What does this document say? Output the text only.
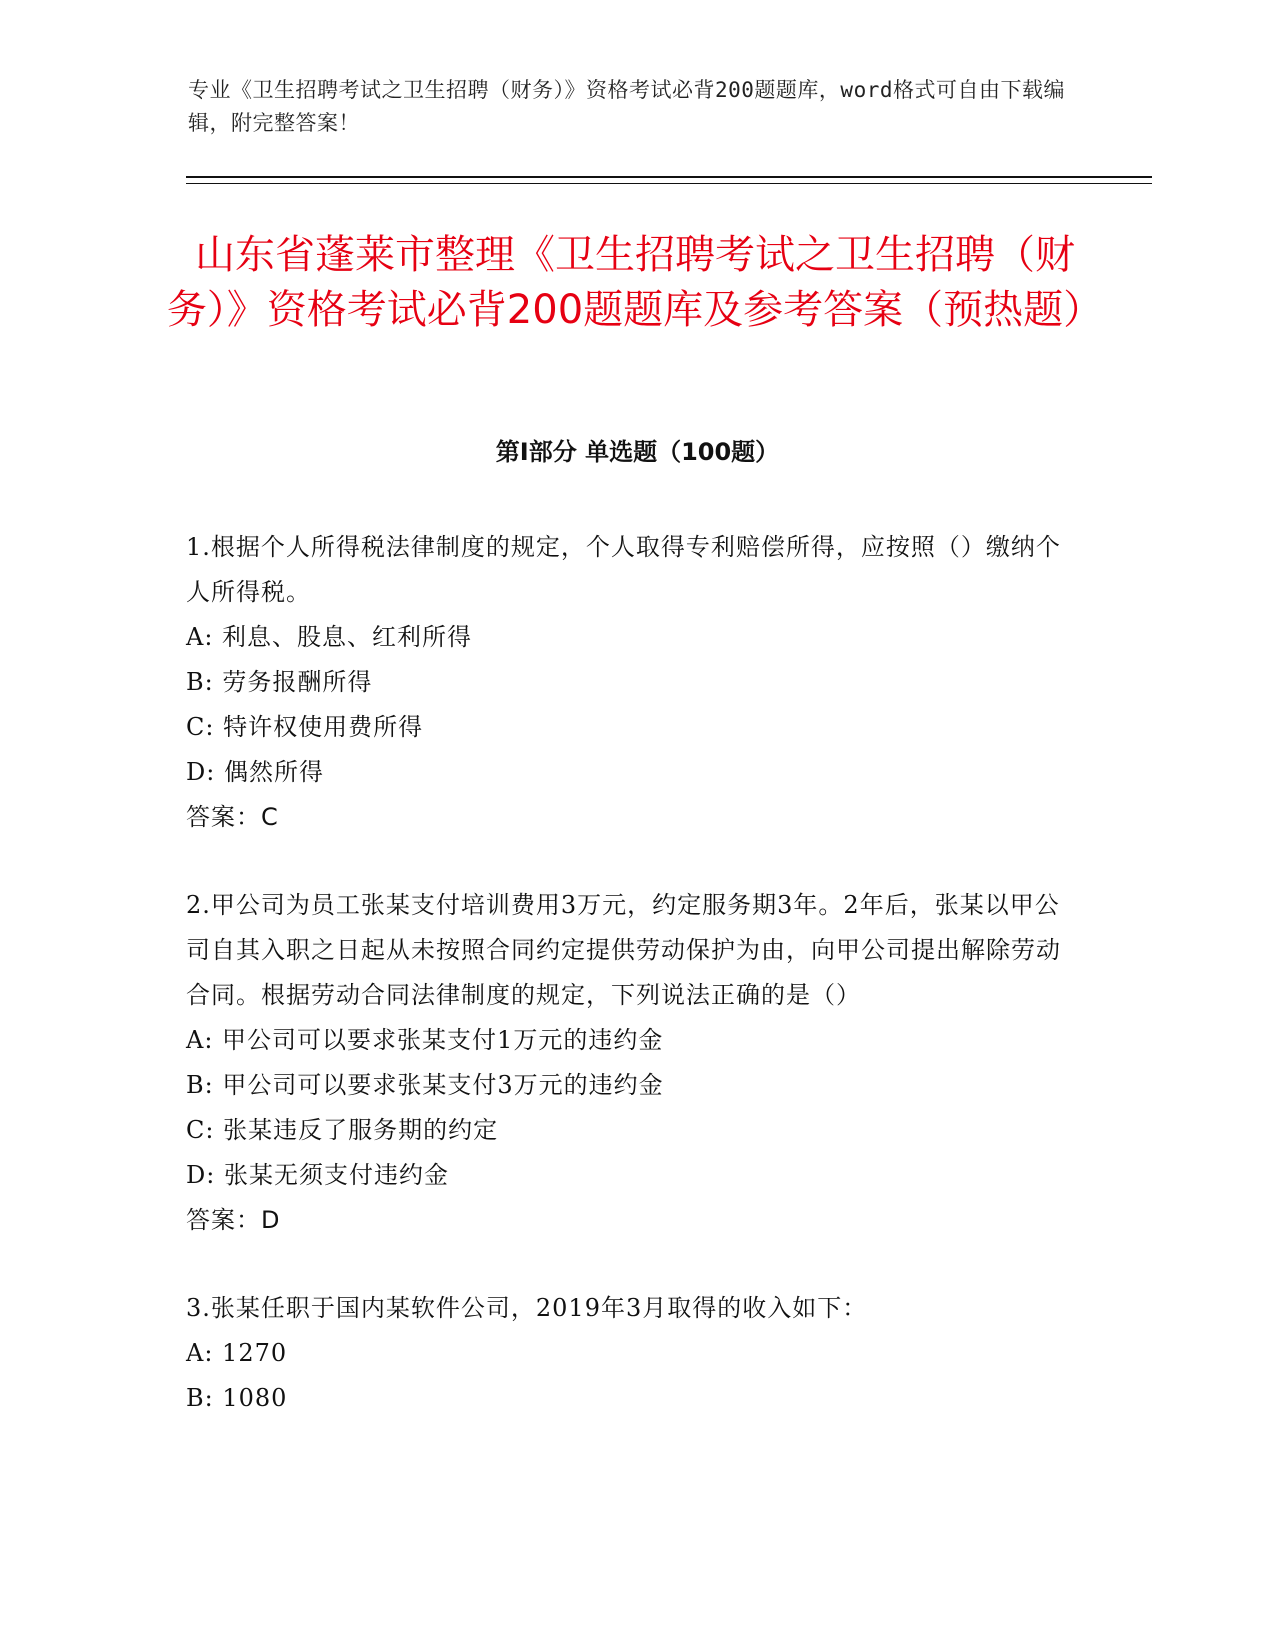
专业《卫生招聘考试之卫生招聘（财务）》资格考试必背200题题库，word格式可自由下载编辑，附完整答案！
山东省蓬莱市整理《卫生招聘考试之卫生招聘（财务）》资格考试必背200题题库及参考答案（预热题）
第I部分 单选题（100题）

1.根据个人所得税法律制度的规定，个人取得专利赔偿所得，应按照（）缴纳个人所得税。

A: 利息、股息、红利所得

B: 劳务报酬所得

C: 特许权使用费所得

D: 偶然所得

答案：C

2.甲公司为员工张某支付培训费用3万元，约定服务期3年。2年后，张某以甲公司自其入职之日起从未按照合同约定提供劳动保护为由，向甲公司提出解除劳动合同。根据劳动合同法律制度的规定，下列说法正确的是（）

A: 甲公司可以要求张某支付1万元的违约金

B: 甲公司可以要求张某支付3万元的违约金

C: 张某违反了服务期的约定

D: 张某无须支付违约金

答案：D

3.张某任职于国内某软件公司，2019年3月取得的收入如下：

A: 1270

B: 1080
